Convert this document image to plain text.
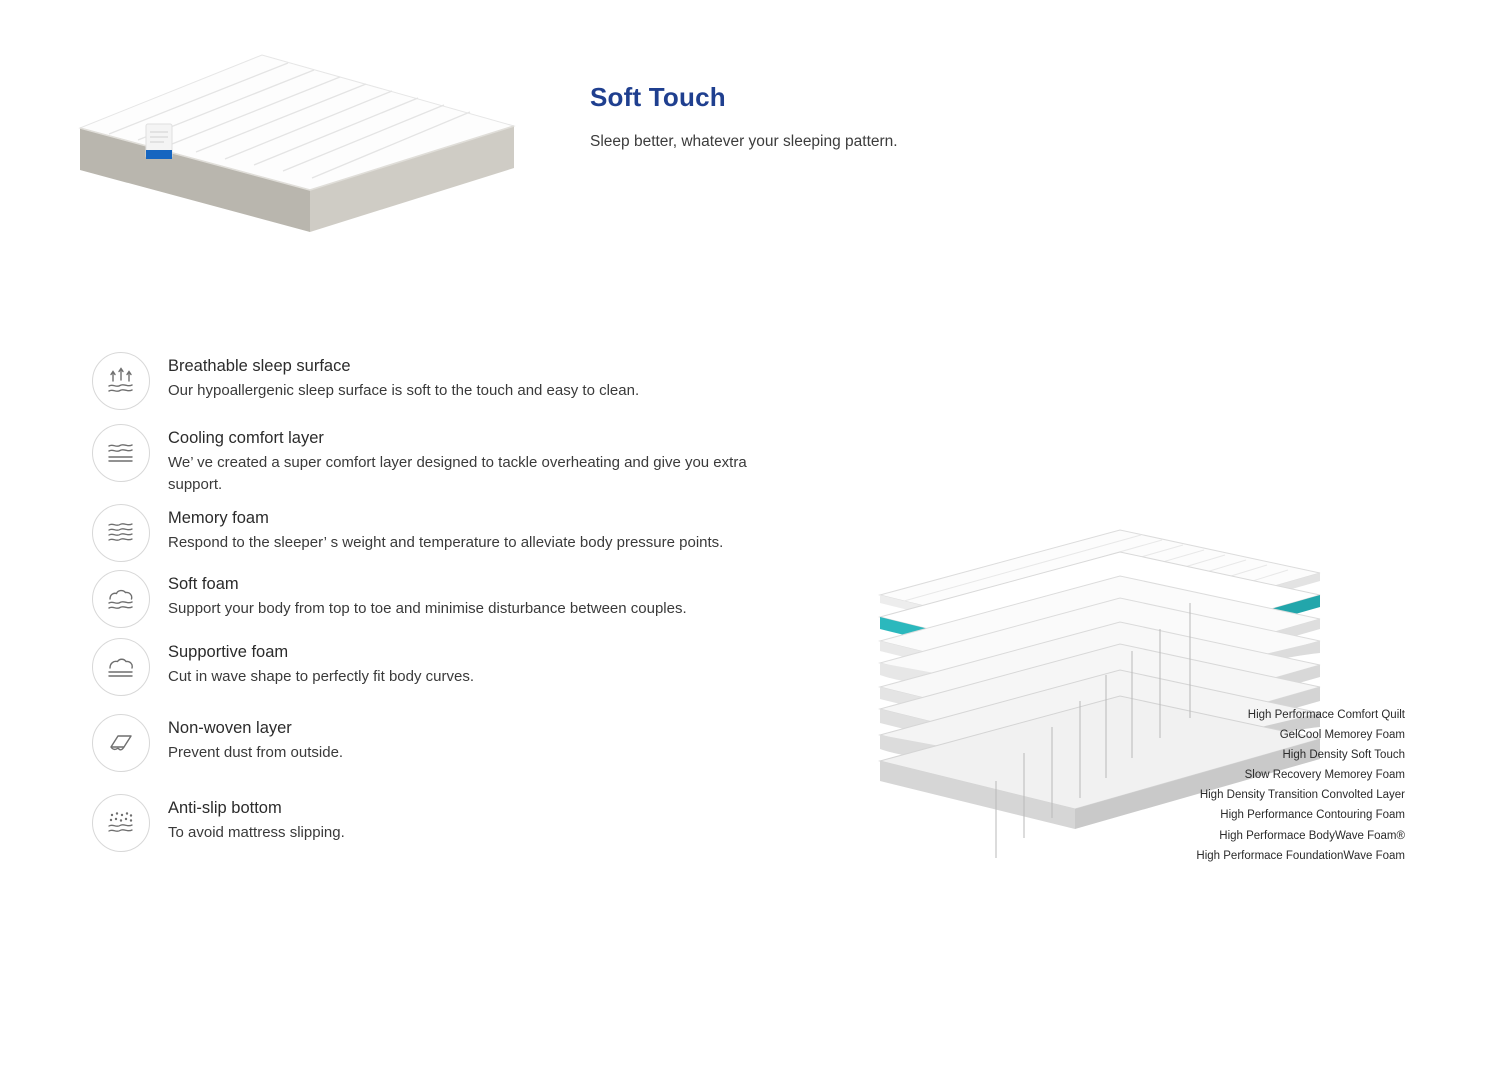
Soft Touch

Sleep better, whatever your sleeping pattern.

Breathable sleep surface

Our hypoallergenic sleep surface is soft to the touch and easy to clean.

Cooling comfort layer

We’ ve created a super comfort layer designed to tackle overheating and give you extra support.

Memory foam

Respond to the sleeper’ s weight and temperature to alleviate body pressure points.

Soft foam

Support your body from top to toe and minimise disturbance between couples.

Supportive foam

Cut in wave shape to perfectly fit body curves.

Non-woven layer

Prevent dust from outside.

Anti-slip bottom

To avoid mattress slipping.

High Performace Comfort Quilt
GelCool Memorey Foam
High Density Soft Touch
Slow Recovery Memorey Foam
High Density Transition Convolted Layer
High Performance Contouring Foam
High Performace BodyWave Foam®
High Performace FoundationWave Foam
